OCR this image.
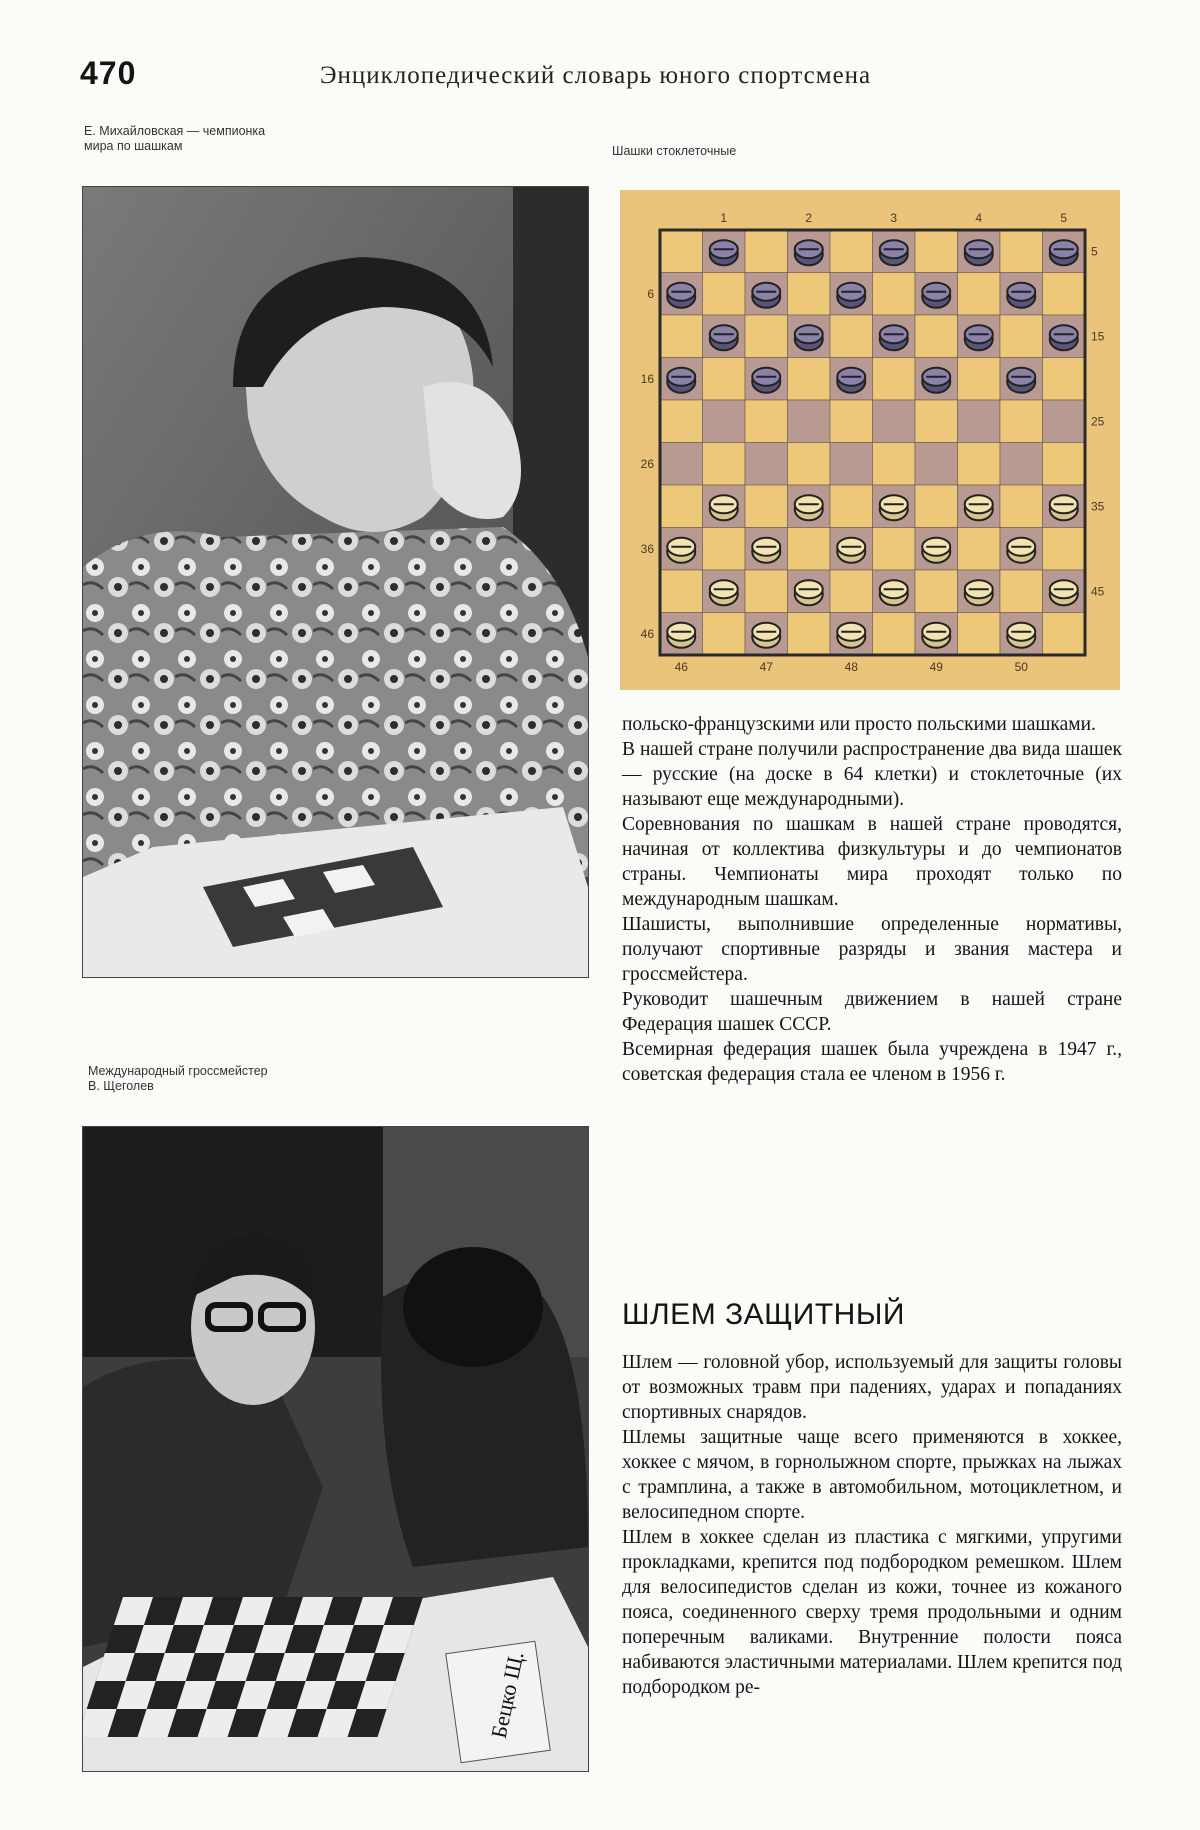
470	Энциклопедический словарь юного спортсмена
Е. Михайловская — чемпионка
мира по шашкам	Шашки стоклеточные
1	2	3	4	5
46	47	48	49	50
6
16
26
36
46
5
15
25
35
45

польско-французскими или просто польскими шашками.

В нашей стране получили распространение два вида шашек — русские (на доске в 64 клетки) и стоклеточные (их называют еще международными).

Соревнования по шашкам в нашей стране проводятся, начиная от коллектива физкультуры и до чемпионатов страны. Чемпионаты мира проходят только по международным шашкам.

Шашисты, выполнившие определенные нормативы, получают спортивные разряды и звания мастера и гроссмейстера.

Руководит шашечным движением в нашей стране Федерация шашек СССР.

Всемирная федерация шашек была учреждена в 1947 г., советская федерация стала ее членом в 1956 г.

Международный гроссмейстер
В. Щеголев
Бецко Щ.
ШЛЕМ ЗАЩИТНЫЙ

Шлем — головной убор, используемый для защиты головы от возможных травм при падениях, ударах и попаданиях спортивных снарядов.

Шлемы защитные чаще всего применяются в хоккее, хоккее с мячом, в горнолыжном спорте, прыжках на лыжах с трамплина, а также в автомобильном, мотоциклетном, и велосипедном спорте.

Шлем в хоккее сделан из пластика с мягкими, упругими прокладками, крепится под подбородком ремешком. Шлем для велосипедистов сделан из кожи, точнее из кожаного пояса, соединенного сверху тремя продольными и одним поперечным валиками. Внутренние полости пояса набиваются эластичными материалами. Шлем крепится под подбородком ре-
